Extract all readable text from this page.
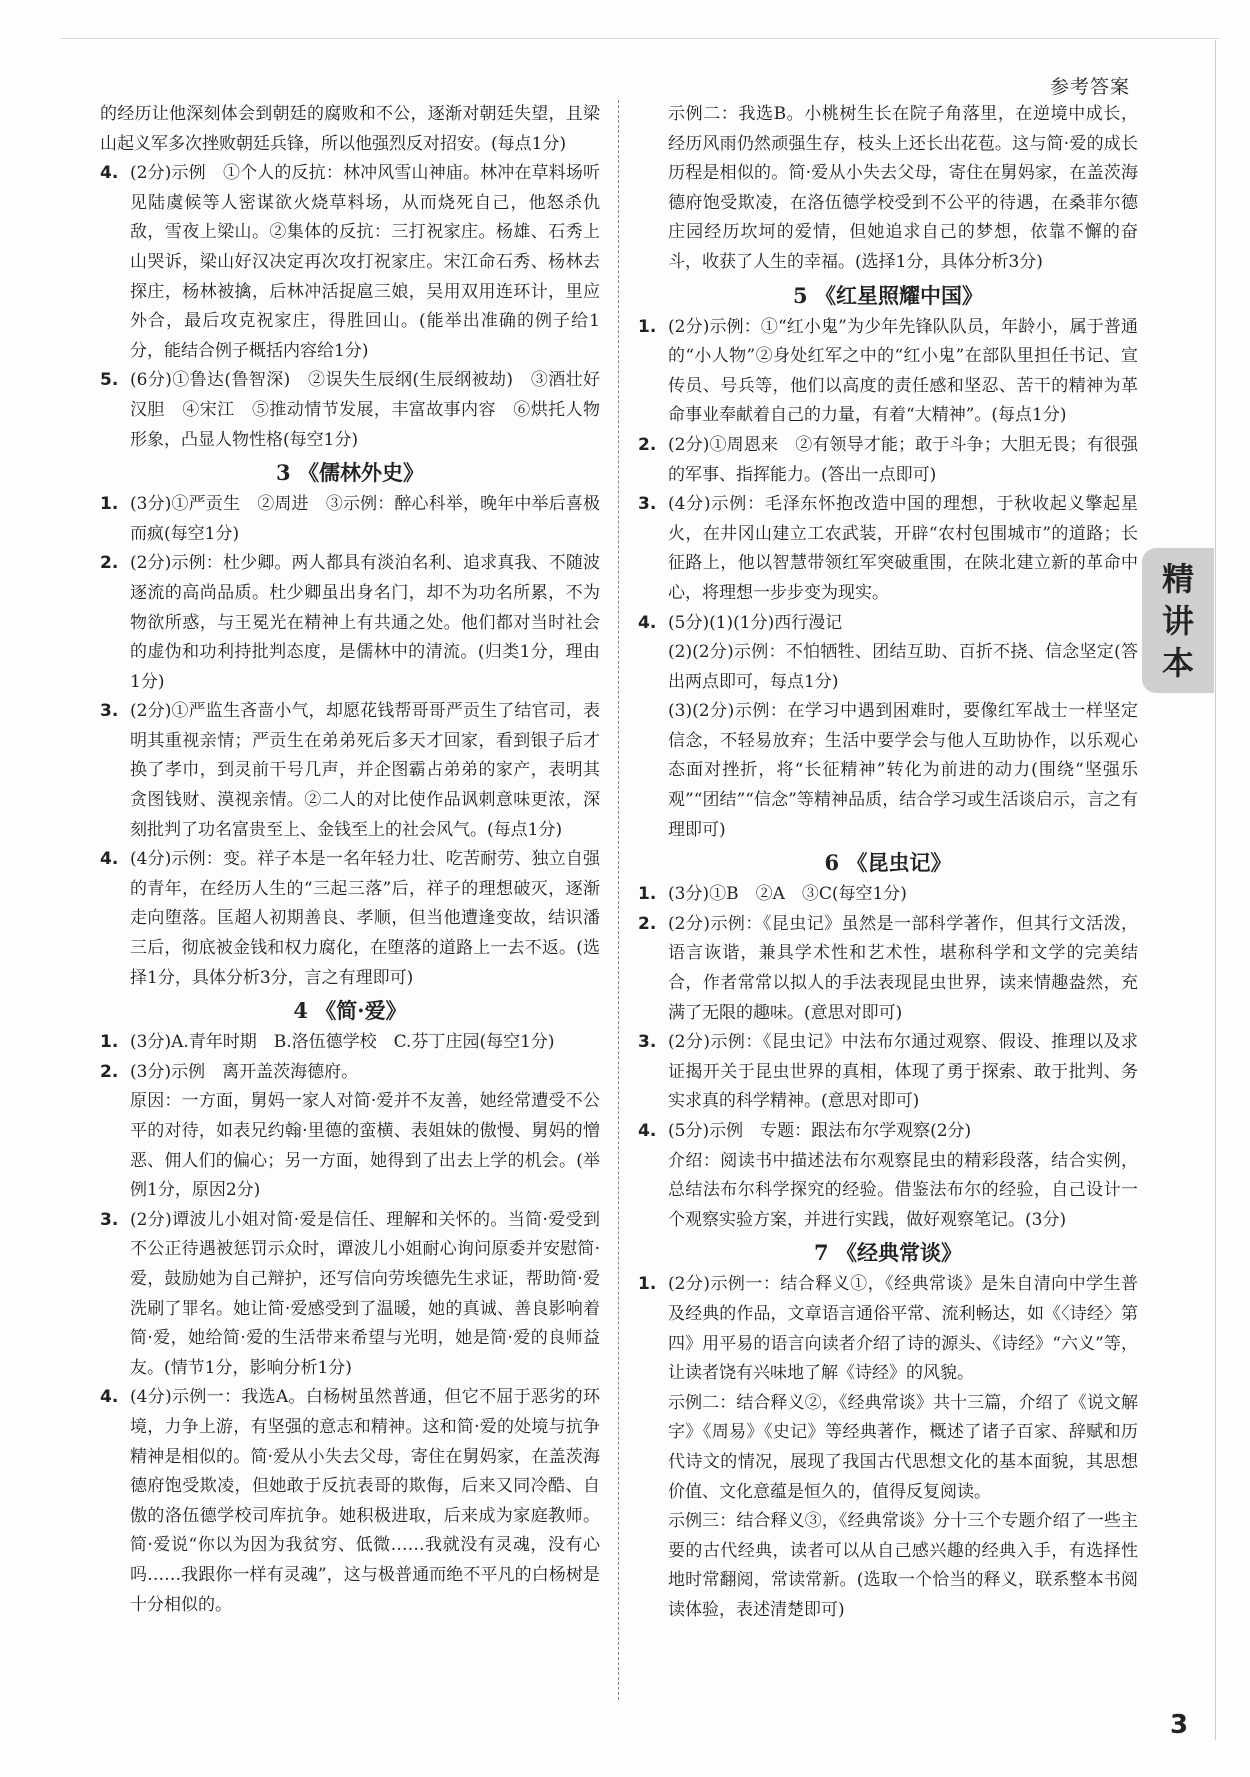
参考答案
精
讲
本

的经历让他深刻体会到朝廷的腐败和不公，逐渐对朝廷失望，且梁山起义军多次挫败朝廷兵锋，所以他强烈反对招安。(每点1分)

4. (2分)示例　①个人的反抗：林冲风雪山神庙。林冲在草料场听见陆虞候等人密谋欲火烧草料场，从而烧死自己，他怒杀仇敌，雪夜上梁山。②集体的反抗：三打祝家庄。杨雄、石秀上山哭诉，梁山好汉决定再次攻打祝家庄。宋江命石秀、杨林去探庄，杨林被擒，后林冲活捉扈三娘，吴用双用连环计，里应外合，最后攻克祝家庄，得胜回山。(能举出准确的例子给1分，能结合例子概括内容给1分)

5. (6分)①鲁达(鲁智深)　②误失生辰纲(生辰纲被劫)　③酒壮好汉胆　④宋江　⑤推动情节发展，丰富故事内容　⑥烘托人物形象，凸显人物性格(每空1分)

3 《儒林外史》

1. (3分)①严贡生　②周进　③示例：醉心科举，晚年中举后喜极而疯(每空1分)

2. (2分)示例：杜少卿。两人都具有淡泊名利、追求真我、不随波逐流的高尚品质。杜少卿虽出身名门，却不为功名所累，不为物欲所惑，与王冕光在精神上有共通之处。他们都对当时社会的虚伪和功利持批判态度，是儒林中的清流。(归类1分，理由1分)

3. (2分)①严监生吝啬小气，却愿花钱帮哥哥严贡生了结官司，表明其重视亲情；严贡生在弟弟死后多天才回家，看到银子后才换了孝巾，到灵前干号几声，并企图霸占弟弟的家产，表明其贪图钱财、漠视亲情。②二人的对比使作品讽刺意味更浓，深刻批判了功名富贵至上、金钱至上的社会风气。(每点1分)

4. (4分)示例：变。祥子本是一名年轻力壮、吃苦耐劳、独立自强的青年，在经历人生的“三起三落”后，祥子的理想破灭，逐渐走向堕落。匡超人初期善良、孝顺，但当他遭逢变故，结识潘三后，彻底被金钱和权力腐化，在堕落的道路上一去不返。(选择1分，具体分析3分，言之有理即可)

4 《简·爱》

1. (3分)A.青年时期　B.洛伍德学校　C.芬丁庄园(每空1分)

2. (3分)示例　离开盖茨海德府。

原因：一方面，舅妈一家人对简·爱并不友善，她经常遭受不公平的对待，如表兄约翰·里德的蛮横、表姐妹的傲慢、舅妈的憎恶、佣人们的偏心；另一方面，她得到了出去上学的机会。(举例1分，原因2分)

3. (2分)谭波儿小姐对简·爱是信任、理解和关怀的。当简·爱受到不公正待遇被惩罚示众时，谭波儿小姐耐心询问原委并安慰简·爱，鼓励她为自己辩护，还写信向劳埃德先生求证，帮助简·爱洗刷了罪名。她让简·爱感受到了温暖，她的真诚、善良影响着简·爱，她给简·爱的生活带来希望与光明，她是简·爱的良师益友。(情节1分，影响分析1分)

4. (4分)示例一：我选A。白杨树虽然普通，但它不屈于恶劣的环境，力争上游，有坚强的意志和精神。这和简·爱的处境与抗争精神是相似的。简·爱从小失去父母，寄住在舅妈家，在盖茨海德府饱受欺凌，但她敢于反抗表哥的欺侮，后来又同冷酷、自傲的洛伍德学校司库抗争。她积极进取，后来成为家庭教师。简·爱说“你以为因为我贫穷、低微……我就没有灵魂，没有心吗……我跟你一样有灵魂”，这与极普通而绝不平凡的白杨树是十分相似的。

示例二：我选B。小桃树生长在院子角落里，在逆境中成长，经历风雨仍然顽强生存，枝头上还长出花苞。这与简·爱的成长历程是相似的。简·爱从小失去父母，寄住在舅妈家，在盖茨海德府饱受欺凌，在洛伍德学校受到不公平的待遇，在桑菲尔德庄园经历坎坷的爱情，但她追求自己的梦想，依靠不懈的奋斗，收获了人生的幸福。(选择1分，具体分析3分)

5 《红星照耀中国》

1. (2分)示例：①“红小鬼”为少年先锋队队员，年龄小，属于普通的“小人物”②身处红军之中的“红小鬼”在部队里担任书记、宣传员、号兵等，他们以高度的责任感和坚忍、苦干的精神为革命事业奉献着自己的力量，有着“大精神”。(每点1分)

2. (2分)①周恩来　②有领导才能；敢于斗争；大胆无畏；有很强的军事、指挥能力。(答出一点即可)

3. (4分)示例：毛泽东怀抱改造中国的理想，于秋收起义擎起星火，在井冈山建立工农武装，开辟“农村包围城市”的道路；长征路上，他以智慧带领红军突破重围，在陕北建立新的革命中心，将理想一步步变为现实。

4. (5分)(1)(1分)西行漫记

(2)(2分)示例：不怕牺牲、团结互助、百折不挠、信念坚定(答出两点即可，每点1分)

(3)(2分)示例：在学习中遇到困难时，要像红军战士一样坚定信念，不轻易放弃；生活中要学会与他人互助协作，以乐观心态面对挫折，将“长征精神”转化为前进的动力(围绕“坚强乐观”“团结”“信念”等精神品质，结合学习或生活谈启示，言之有理即可)

6 《昆虫记》

1. (3分)①B　②A　③C(每空1分)

2. (2分)示例：《昆虫记》虽然是一部科学著作，但其行文活泼，语言诙谐，兼具学术性和艺术性，堪称科学和文学的完美结合，作者常常以拟人的手法表现昆虫世界，读来情趣盎然，充满了无限的趣味。(意思对即可)

3. (2分)示例：《昆虫记》中法布尔通过观察、假设、推理以及求证揭开关于昆虫世界的真相，体现了勇于探索、敢于批判、务实求真的科学精神。(意思对即可)

4. (5分)示例　专题：跟法布尔学观察(2分)

介绍：阅读书中描述法布尔观察昆虫的精彩段落，结合实例，总结法布尔科学探究的经验。借鉴法布尔的经验，自己设计一个观察实验方案，并进行实践，做好观察笔记。(3分)

7 《经典常谈》

1. (2分)示例一：结合释义①，《经典常谈》是朱自清向中学生普及经典的作品，文章语言通俗平常、流利畅达，如《〈诗经〉第四》用平易的语言向读者介绍了诗的源头、《诗经》“六义”等，让读者饶有兴味地了解《诗经》的风貌。

示例二：结合释义②，《经典常谈》共十三篇，介绍了《说文解字》《周易》《史记》等经典著作，概述了诸子百家、辞赋和历代诗文的情况，展现了我国古代思想文化的基本面貌，其思想价值、文化意蕴是恒久的，值得反复阅读。

示例三：结合释义③，《经典常谈》分十三个专题介绍了一些主要的古代经典，读者可以从自己感兴趣的经典入手，有选择性地时常翻阅，常读常新。(选取一个恰当的释义，联系整本书阅读体验，表述清楚即可)

3
